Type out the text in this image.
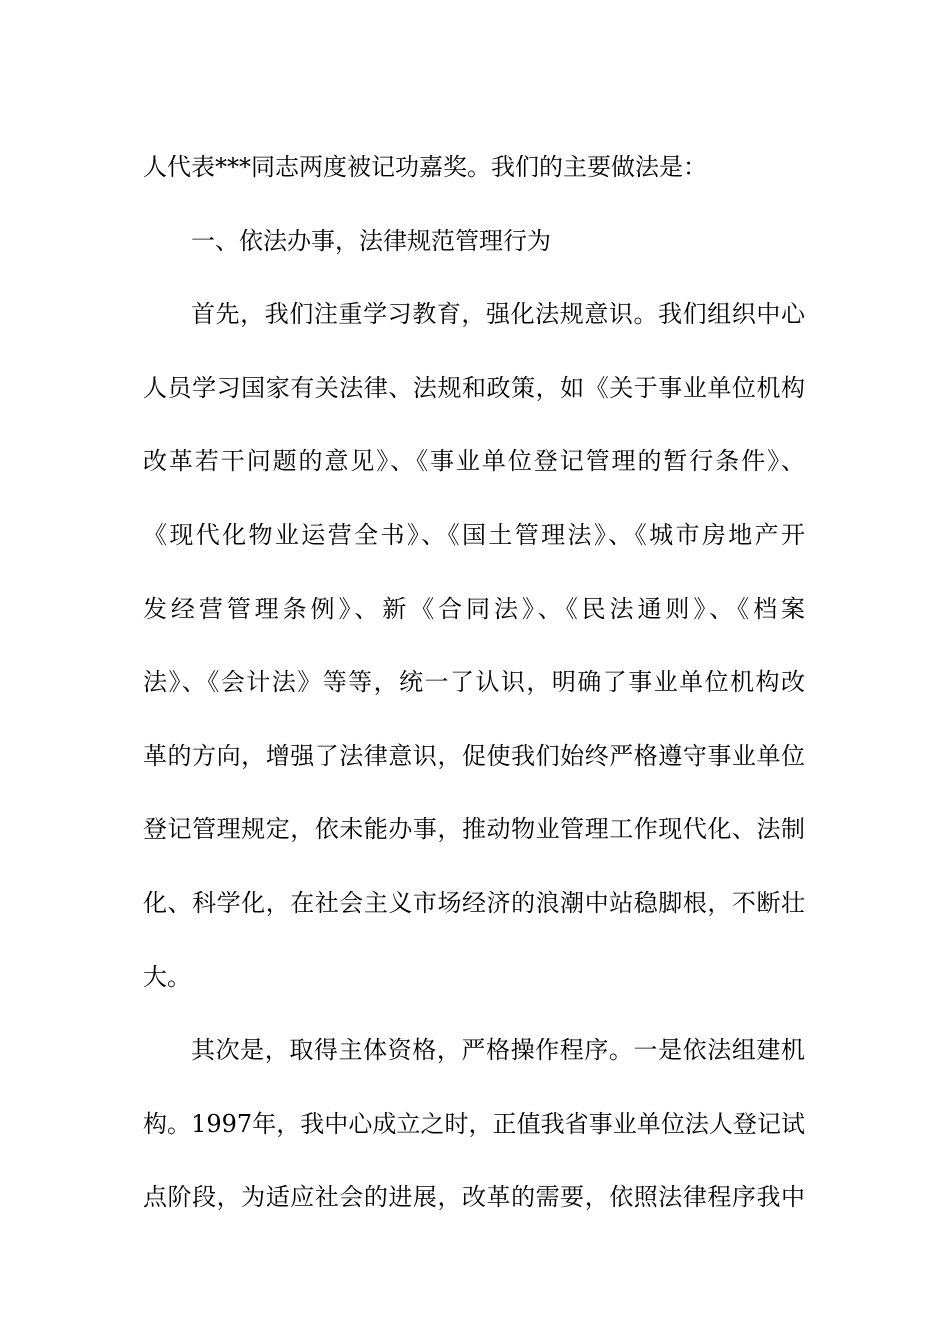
人代表***同志两度被记功嘉奖。我们的主要做法是：
一、依法办事，法律规范管理行为
首先，我们注重学习教育，强化法规意识。我们组织中心
人员学习国家有关法律、法规和政策，如《关于事业单位机构
改革若干问题的意见》、《事业单位登记管理的暂行条件》、
《现代化物业运营全书》、《国土管理法》、《城市房地产开
发经营管理条例》、新《合同法》、《民法通则》、《档案
法》、《会计法》等等，统一了认识，明确了事业单位机构改
革的方向，增强了法律意识，促使我们始终严格遵守事业单位
登记管理规定，依未能办事，推动物业管理工作现代化、法制
化、科学化，在社会主义市场经济的浪潮中站稳脚根，不断壮
大。
其次是，取得主体资格，严格操作程序。一是依法组建机
构。1997年，我中心成立之时，正值我省事业单位法人登记试
点阶段，为适应社会的进展，改革的需要，依照法律程序我中
